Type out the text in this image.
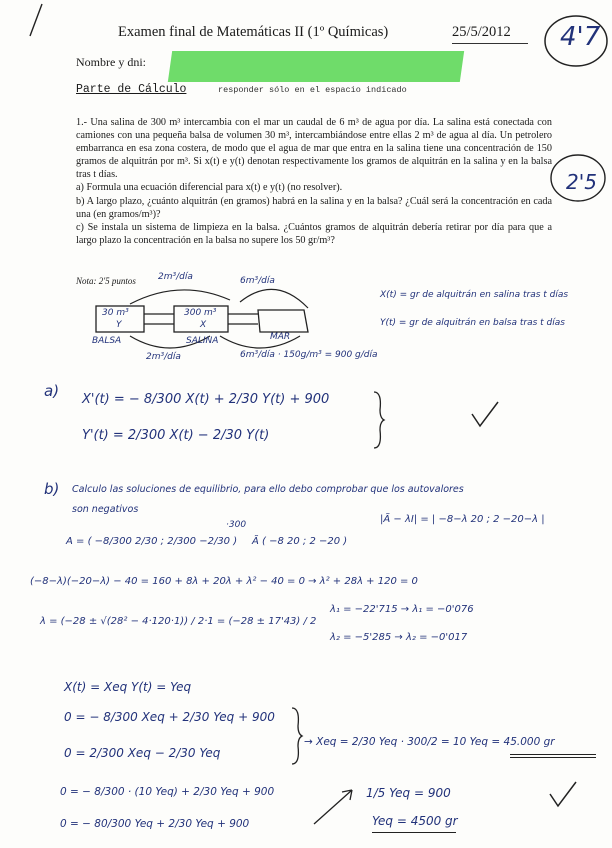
Examen final de Matemáticas II (1º Químicas)	25/5/2012 4'7
Nombre y dni:
Parte de Cálculo	responder sólo en el espacio indicado

1.- Una salina de 300 m³ intercambia con el mar un caudal de 6 m³ de agua por día. La salina está conectada con camiones con una pequeña balsa de volumen 30 m³, intercambiándose entre ellas 2 m³ de agua al día. Un petrolero embarranca en esa zona costera, de modo que el agua de mar que entra en la salina tiene una concentración de 150 gramos de alquitrán por m³. Si x(t) e y(t) denotan respectivamente los gramos de alquitrán en la salina y en la balsa tras t días.

a) Formula una ecuación diferencial para x(t) e y(t) (no resolver).

b) A largo plazo, ¿cuánto alquitrán (en gramos) habrá en la salina y en la balsa? ¿Cuál será la concentración en cada una (en gramos/m³)?

c) Se instala un sistema de limpieza en la balsa. ¿Cuántos gramos de alquitrán debería retirar por día para que a largo plazo la concentración en la balsa no supere los 50 gr/m³?

Nota: 2'5 puntos
2'5
2m³/día	6m³/día
30 m³
Y
BALSA
300 m³
X
SALINA	MAR
2m³/día	6m³/día · 150g/m³ = 900 g/día
X(t) = gr de alquitrán en salina tras t días
Y(t) = gr de alquitrán en balsa tras t días
a) X'(t) = − 8/300 X(t) + 2/30 Y(t) + 900
Y'(t) = 2/300 X(t) − 2/30 Y(t)
b) Calculo las soluciones de equilibrio, para ello debo comprobar que los autovalores
son negativos
A = ( −8/300 2/30 ; 2/300 −2/30 )
·300
Ã ( −8 20 ; 2 −20 )
|Ã − λI| = | −8−λ 20 ; 2 −20−λ |
(−8−λ)(−20−λ) − 40 = 160 + 8λ + 20λ + λ² − 40 = 0 → λ² + 28λ + 120 = 0
λ = (−28 ± √(28² − 4·120·1)) / 2·1 = (−28 ± 17'43) / 2
λ₁ = −22'715 → λ₁ = −0'076
λ₂ = −5'285 → λ₂ = −0'017
X(t) = Xeq Y(t) = Yeq
0 = − 8/300 Xeq + 2/30 Yeq + 900
0 = 2/300 Xeq − 2/30 Yeq
→ Xeq = 2/30 Yeq · 300/2 = 10 Yeq = 45.000 gr
0 = − 8/300 · (10 Yeq) + 2/30 Yeq + 900
0 = − 80/300 Yeq + 2/30 Yeq + 900
1/5 Yeq = 900
Yeq = 4500 gr
